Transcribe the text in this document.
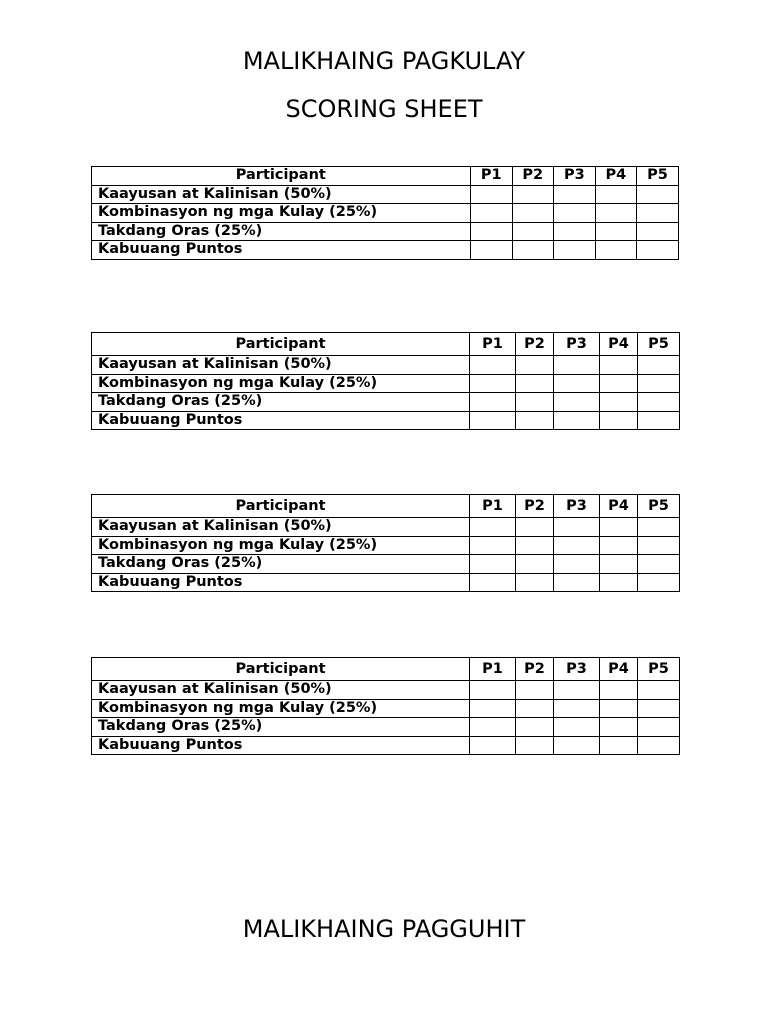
MALIKHAING PAGKULAY
SCORING SHEET
Participant	P1	P2	P3	P4	P5
Kaayusan at Kalinisan (50%)					
Kombinasyon ng mga Kulay (25%)					
Takdang Oras (25%)					
Kabuuang Puntos					
Participant	P1	P2	P3	P4	P5
Kaayusan at Kalinisan (50%)					
Kombinasyon ng mga Kulay (25%)					
Takdang Oras (25%)					
Kabuuang Puntos					
Participant	P1	P2	P3	P4	P5
Kaayusan at Kalinisan (50%)					
Kombinasyon ng mga Kulay (25%)					
Takdang Oras (25%)					
Kabuuang Puntos					
Participant	P1	P2	P3	P4	P5
Kaayusan at Kalinisan (50%)					
Kombinasyon ng mga Kulay (25%)					
Takdang Oras (25%)					
Kabuuang Puntos					
MALIKHAING PAGGUHIT
